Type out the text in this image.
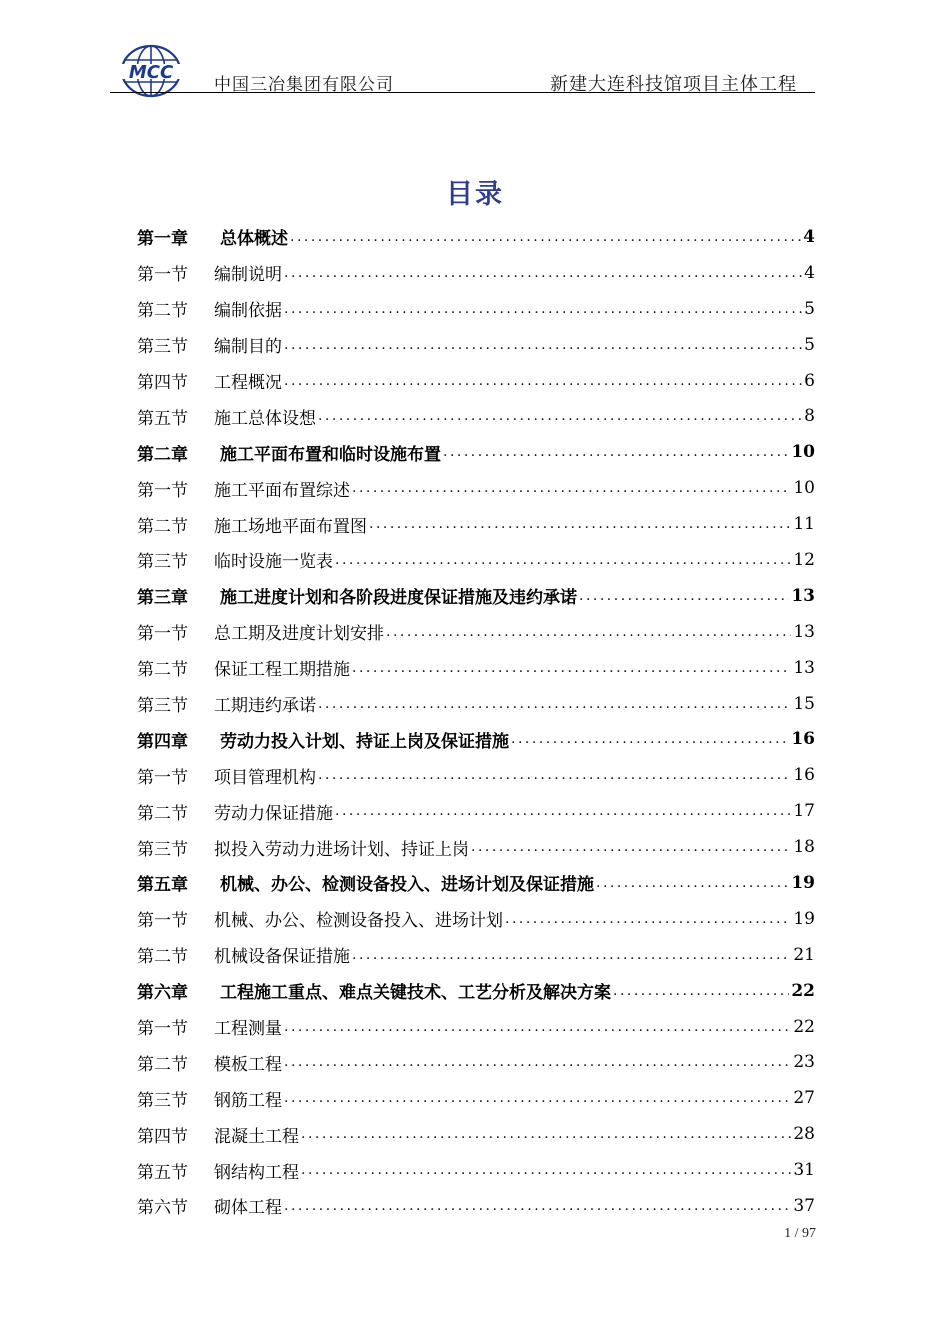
MCC
中国三冶集团有限公司	新建大连科技馆项目主体工程
目录
第一章	总体概述 .....	4
第一节	编制说明 .....	4
第二节	编制依据 .....	5
第三节	编制目的 .....	5
第四节	工程概况 .....	6
第五节	施工总体设想 .....	8
第二章	施工平面布置和临时设施布置 .....	10
第一节	施工平面布置综述 .....	10
第二节	施工场地平面布置图 .....	11
第三节	临时设施一览表 .....	12
第三章	施工进度计划和各阶段进度保证措施及违约承诺 .....	13
第一节	总工期及进度计划安排 .....	13
第二节	保证工程工期措施 .....	13
第三节	工期违约承诺 .....	15
第四章	劳动力投入计划、持证上岗及保证措施 .....	16
第一节	项目管理机构 .....	16
第二节	劳动力保证措施 .....	17
第三节	拟投入劳动力进场计划、持证上岗 .....	18
第五章	机械、办公、检测设备投入、进场计划及保证措施 .....	19
第一节	机械、办公、检测设备投入、进场计划 .....	19
第二节	机械设备保证措施 .....	21
第六章	工程施工重点、难点关键技术、工艺分析及解决方案 .....	22
第一节	工程测量 .....	22
第二节	模板工程 .....	23
第三节	钢筋工程 .....	27
第四节	混凝土工程 .....	28
第五节	钢结构工程 .....	31
第六节	砌体工程 .....	37
1 / 97
